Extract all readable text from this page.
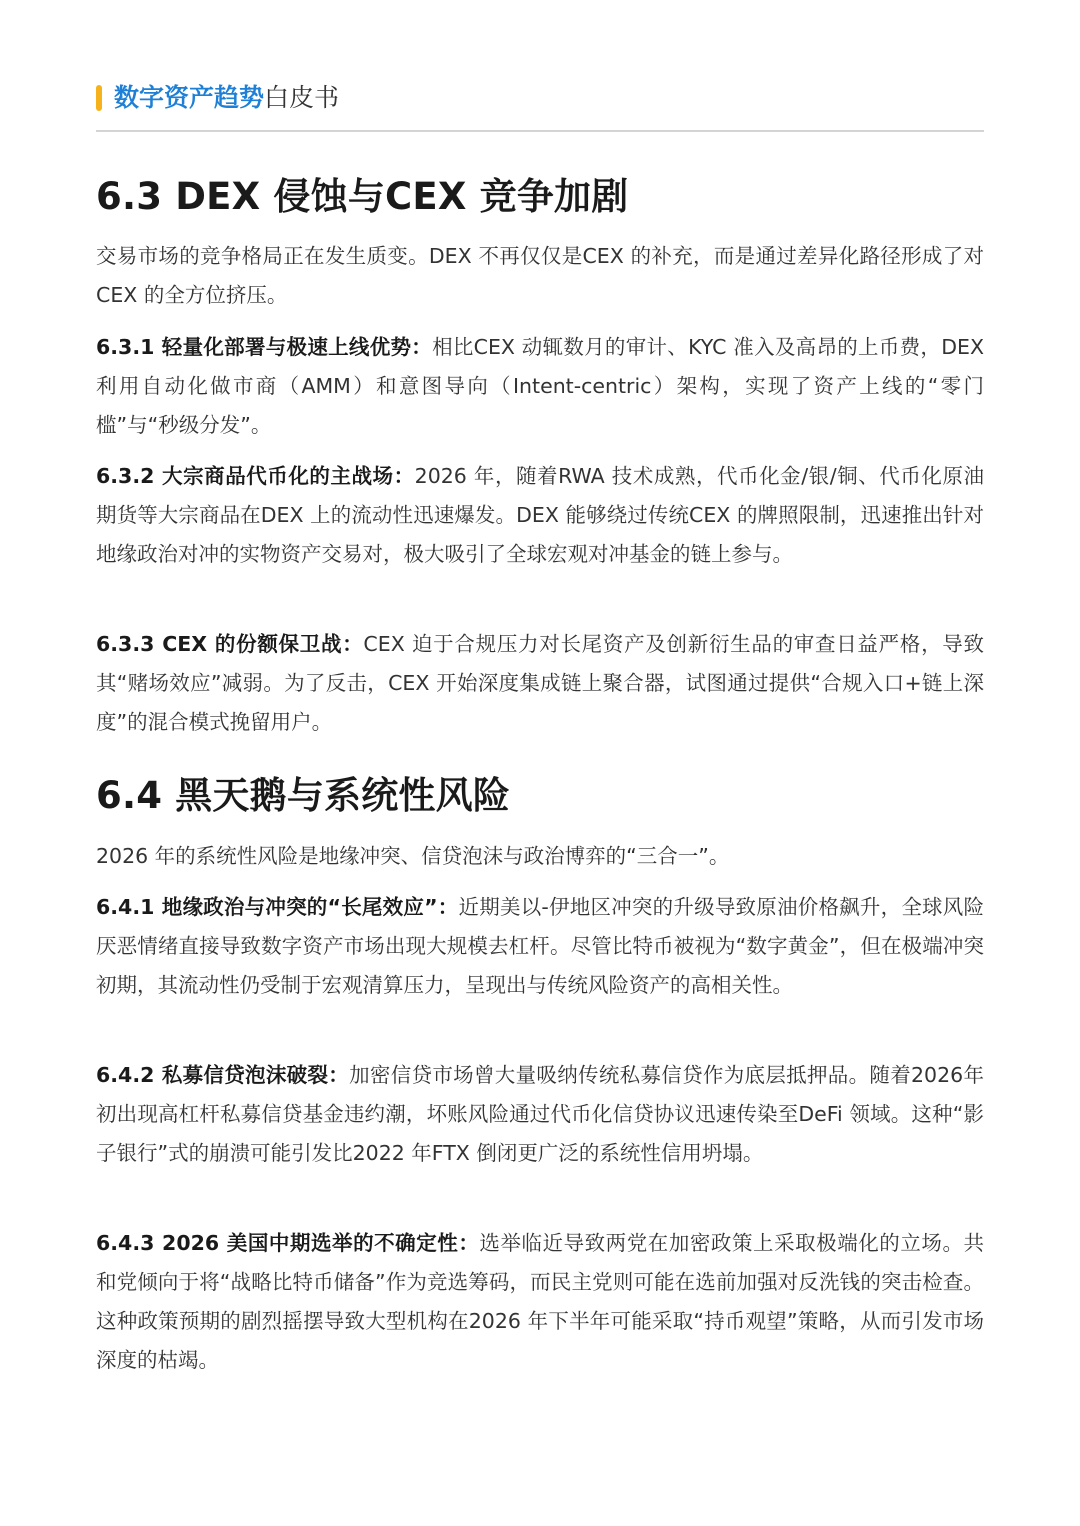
数字资产趋势白皮书
6.3 DEX 侵蚀与CEX 竞争加剧

交易市场的竞争格局正在发生质变。DEX 不再仅仅是CEX 的补充，而是通过差异化路径形成了对CEX 的全方位挤压。

6.3.1 轻量化部署与极速上线优势：相比CEX 动辄数月的审计、KYC 准入及高昂的上币费，DEX 利用自动化做市商（AMM）和意图导向（Intent-centric）架构，实现了资产上线的“零门槛”与“秒级分发”。

6.3.2 大宗商品代币化的主战场：2026 年，随着RWA 技术成熟，代币化金/银/铜、代币化原油期货等大宗商品在DEX 上的流动性迅速爆发。DEX 能够绕过传统CEX 的牌照限制，迅速推出针对地缘政治对冲的实物资产交易对，极大吸引了全球宏观对冲基金的链上参与。

6.3.3 CEX 的份额保卫战：CEX 迫于合规压力对长尾资产及创新衍生品的审查日益严格，导致其“赌场效应”减弱。为了反击，CEX 开始深度集成链上聚合器，试图通过提供“合规入口+链上深度”的混合模式挽留用户。

6.4 黑天鹅与系统性风险

2026 年的系统性风险是地缘冲突、信贷泡沫与政治博弈的“三合一”。

6.4.1 地缘政治与冲突的“长尾效应”：近期美以-伊地区冲突的升级导致原油价格飙升，全球风险厌恶情绪直接导致数字资产市场出现大规模去杠杆。尽管比特币被视为“数字黄金”，但在极端冲突初期，其流动性仍受制于宏观清算压力，呈现出与传统风险资产的高相关性。

6.4.2 私募信贷泡沫破裂：加密信贷市场曾大量吸纳传统私募信贷作为底层抵押品。随着2026年初出现高杠杆私募信贷基金违约潮，坏账风险通过代币化信贷协议迅速传染至DeFi 领域。这种“影子银行”式的崩溃可能引发比2022 年FTX 倒闭更广泛的系统性信用坍塌。

6.4.3 2026 美国中期选举的不确定性：选举临近导致两党在加密政策上采取极端化的立场。共和党倾向于将“战略比特币储备”作为竞选筹码，而民主党则可能在选前加强对反洗钱的突击检查。这种政策预期的剧烈摇摆导致大型机构在2026 年下半年可能采取“持币观望”策略，从而引发市场深度的枯竭。
